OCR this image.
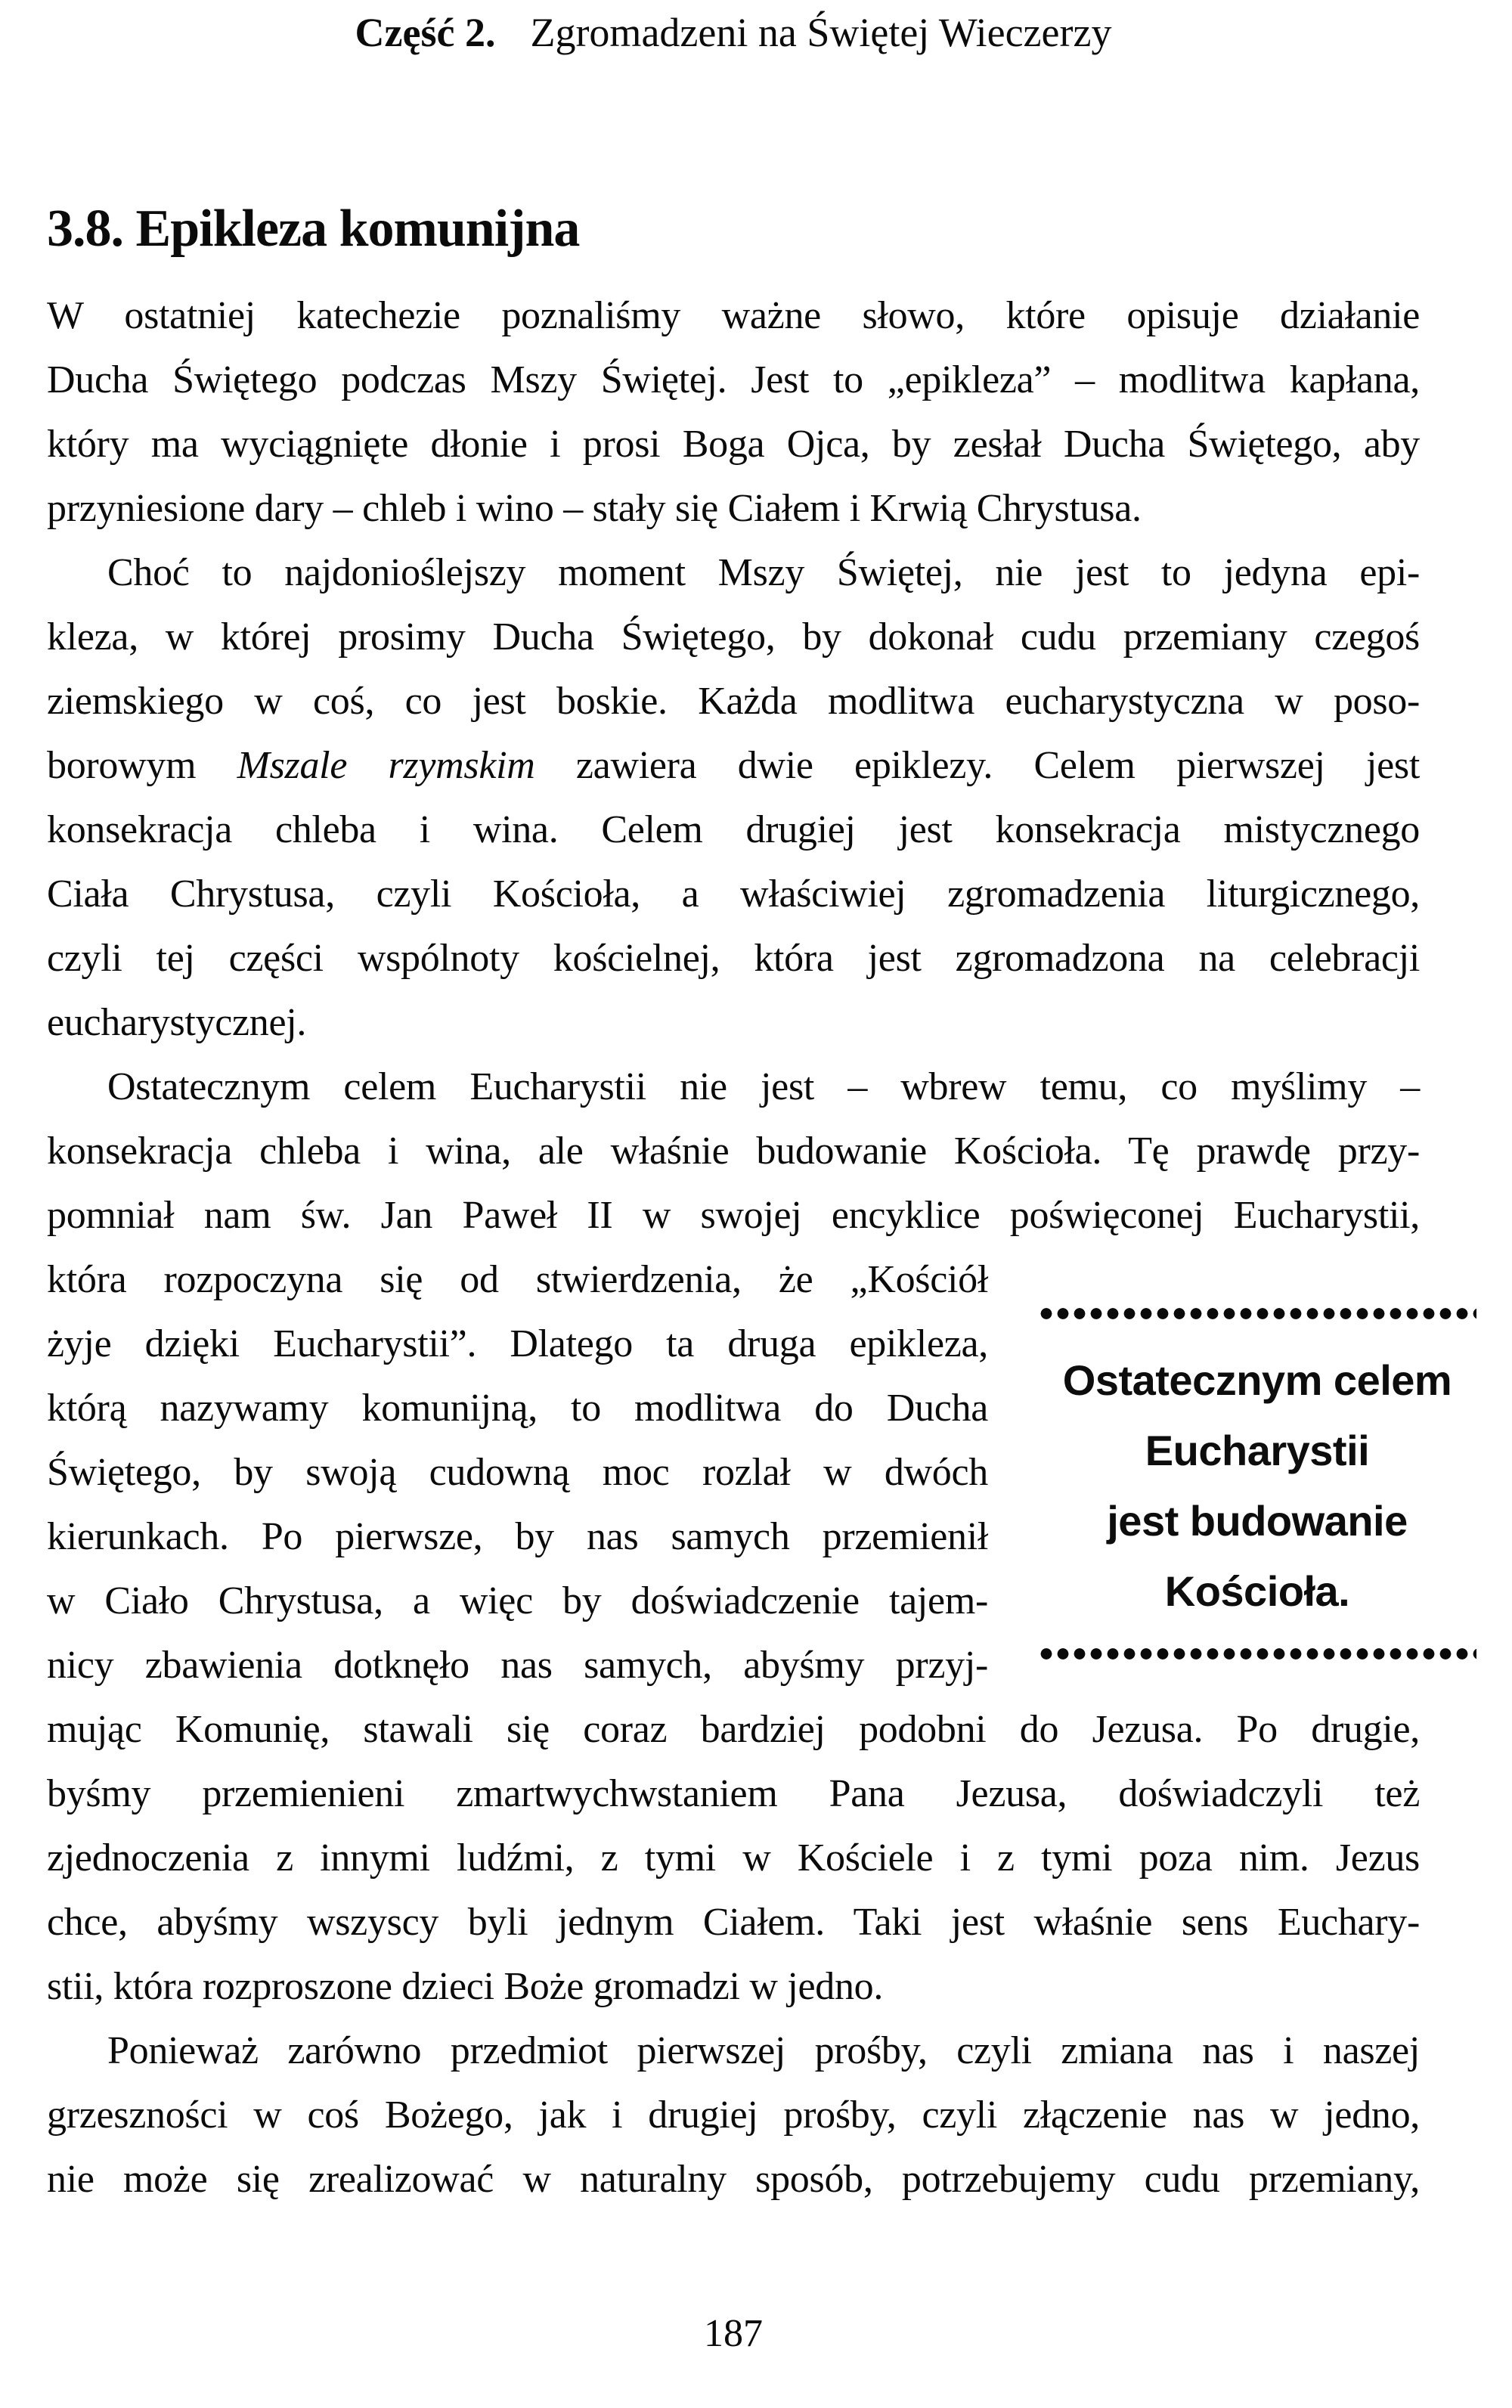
Część 2. Zgromadzeni na Świętej Wieczerzy
3.8. Epikleza komunijna
W ostatniej katechezie poznaliśmy ważne słowo, które opisuje działanie
Ducha Świętego podczas Mszy Świętej. Jest to „epikleza” – modlitwa kapłana,
który ma wyciągnięte dłonie i prosi Boga Ojca, by zesłał Ducha Świętego, aby
przyniesione dary – chleb i wino – stały się Ciałem i Krwią Chrystusa.
Choć to najdonioślejszy moment Mszy Świętej, nie jest to jedyna epi-
kleza, w której prosimy Ducha Świętego, by dokonał cudu przemiany czegoś
ziemskiego w coś, co jest boskie. Każda modlitwa eucharystyczna w poso-
borowym Mszale rzymskim zawiera dwie epiklezy. Celem pierwszej jest
konsekracja chleba i wina. Celem drugiej jest konsekracja mistycznego
Ciała Chrystusa, czyli Kościoła, a właściwiej zgromadzenia liturgicznego,
czyli tej części wspólnoty kościelnej, która jest zgromadzona na celebracji
eucharystycznej.
Ostatecznym celem Eucharystii nie jest – wbrew temu, co myślimy –
konsekracja chleba i wina, ale właśnie budowanie Kościoła. Tę prawdę przy-
pomniał nam św. Jan Paweł II w swojej encyklice poświęconej Eucharystii,
która rozpoczyna się od stwierdzenia, że „Kościół
żyje dzięki Eucharystii”. Dlatego ta druga epikleza,
którą nazywamy komunijną, to modlitwa do Ducha
Świętego, by swoją cudowną moc rozlał w dwóch
kierunkach. Po pierwsze, by nas samych przemienił
w Ciało Chrystusa, a więc by doświadczenie tajem-
nicy zbawienia dotknęło nas samych, abyśmy przyj-
mując Komunię, stawali się coraz bardziej podobni do Jezusa. Po drugie,
byśmy przemienieni zmartwychwstaniem Pana Jezusa, doświadczyli też
zjednoczenia z innymi ludźmi, z tymi w Kościele i z tymi poza nim. Jezus
chce, abyśmy wszyscy byli jednym Ciałem. Taki jest właśnie sens Euchary-
stii, która rozproszone dzieci Boże gromadzi w jedno.
Ponieważ zarówno przedmiot pierwszej prośby, czyli zmiana nas i naszej
grzeszności w coś Bożego, jak i drugiej prośby, czyli złączenie nas w jedno,
nie może się zrealizować w naturalny sposób, potrzebujemy cudu przemiany,
Ostatecznym celem
Eucharystii
jest budowanie
Kościoła.
187
